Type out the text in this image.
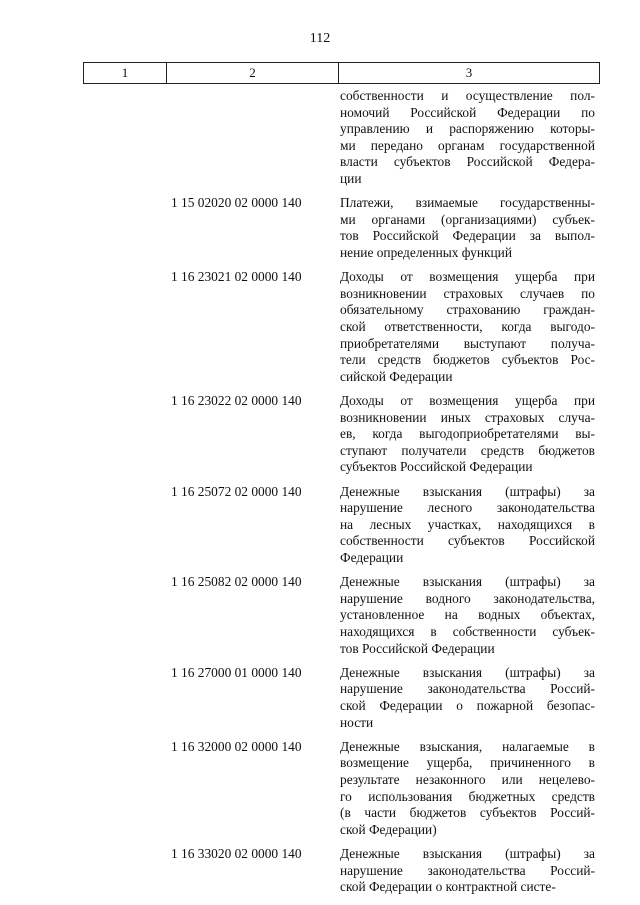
112
1	2	3
собственности и осуществление пол-
номочий Российской Федерации по
управлению и распоряжению которы-
ми передано органам государственной
власти субъектов Российской Федера-
ции
1 15 02020 02 0000 140	Платежи, взимаемые государственны-
ми органами (организациями) субъек-
тов Российской Федерации за выпол-
нение определенных функций
1 16 23021 02 0000 140	Доходы от возмещения ущерба при
возникновении страховых случаев по
обязательному страхованию граждан-
ской ответственности, когда выгодо-
приобретателями выступают получа-
тели средств бюджетов субъектов Рос-
сийской Федерации
1 16 23022 02 0000 140	Доходы от возмещения ущерба при
возникновении иных страховых случа-
ев, когда выгодоприобретателями вы-
ступают получатели средств бюджетов
субъектов Российской Федерации
1 16 25072 02 0000 140	Денежные взыскания (штрафы) за
нарушение лесного законодательства
на лесных участках, находящихся в
собственности субъектов Российской
Федерации
1 16 25082 02 0000 140	Денежные взыскания (штрафы) за
нарушение водного законодательства,
установленное на водных объектах,
находящихся в собственности субъек-
тов Российской Федерации
1 16 27000 01 0000 140	Денежные взыскания (штрафы) за
нарушение законодательства Россий-
ской Федерации о пожарной безопас-
ности
1 16 32000 02 0000 140	Денежные взыскания, налагаемые в
возмещение ущерба, причиненного в
результате незаконного или нецелево-
го использования бюджетных средств
(в части бюджетов субъектов Россий-
ской Федерации)
1 16 33020 02 0000 140	Денежные взыскания (штрафы) за
нарушение законодательства Россий-
ской Федерации о контрактной систе-
